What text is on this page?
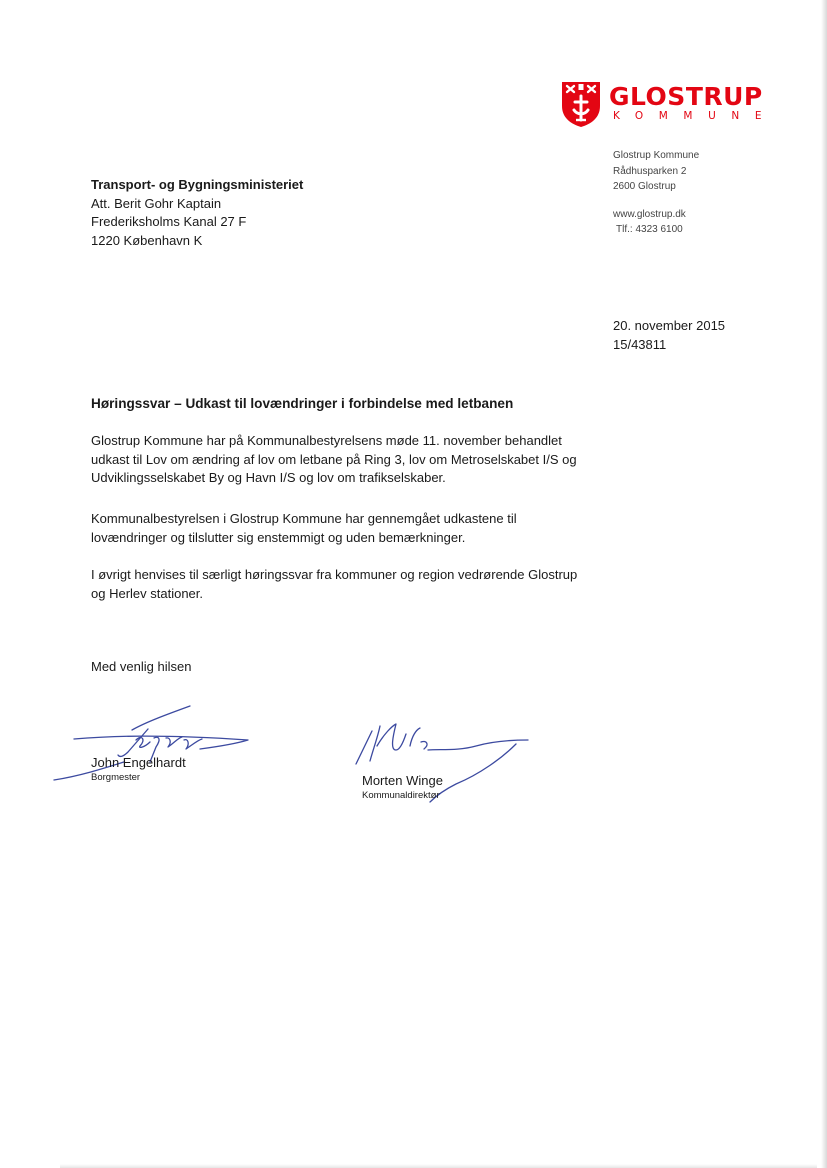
GLOSTRUP
KOMMUNE
Glostrup Kommune
Rådhusparken 2
2600 Glostrup
www.glostrup.dk
Tlf.: 4323 6100
Transport- og Bygningsministeriet
Att. Berit Gohr Kaptain
Frederiksholms Kanal 27 F
1220 København K
20. november 2015
15/43811
Høringssvar – Udkast til lovændringer i forbindelse med letbanen
Glostrup Kommune har på Kommunalbestyrelsens møde 11. november behandlet
udkast til Lov om ændring af lov om letbane på Ring 3, lov om Metroselskabet I/S og
Udviklingsselskabet By og Havn I/S og lov om trafikselskaber.
Kommunalbestyrelsen i Glostrup Kommune har gennemgået udkastene til
lovændringer og tilslutter sig enstemmigt og uden bemærkninger.
I øvrigt henvises til særligt høringssvar fra kommuner og region vedrørende Glostrup
og Herlev stationer.
Med venlig hilsen
John Engelhardt
Borgmester	Morten Winge
Kommunaldirektør
